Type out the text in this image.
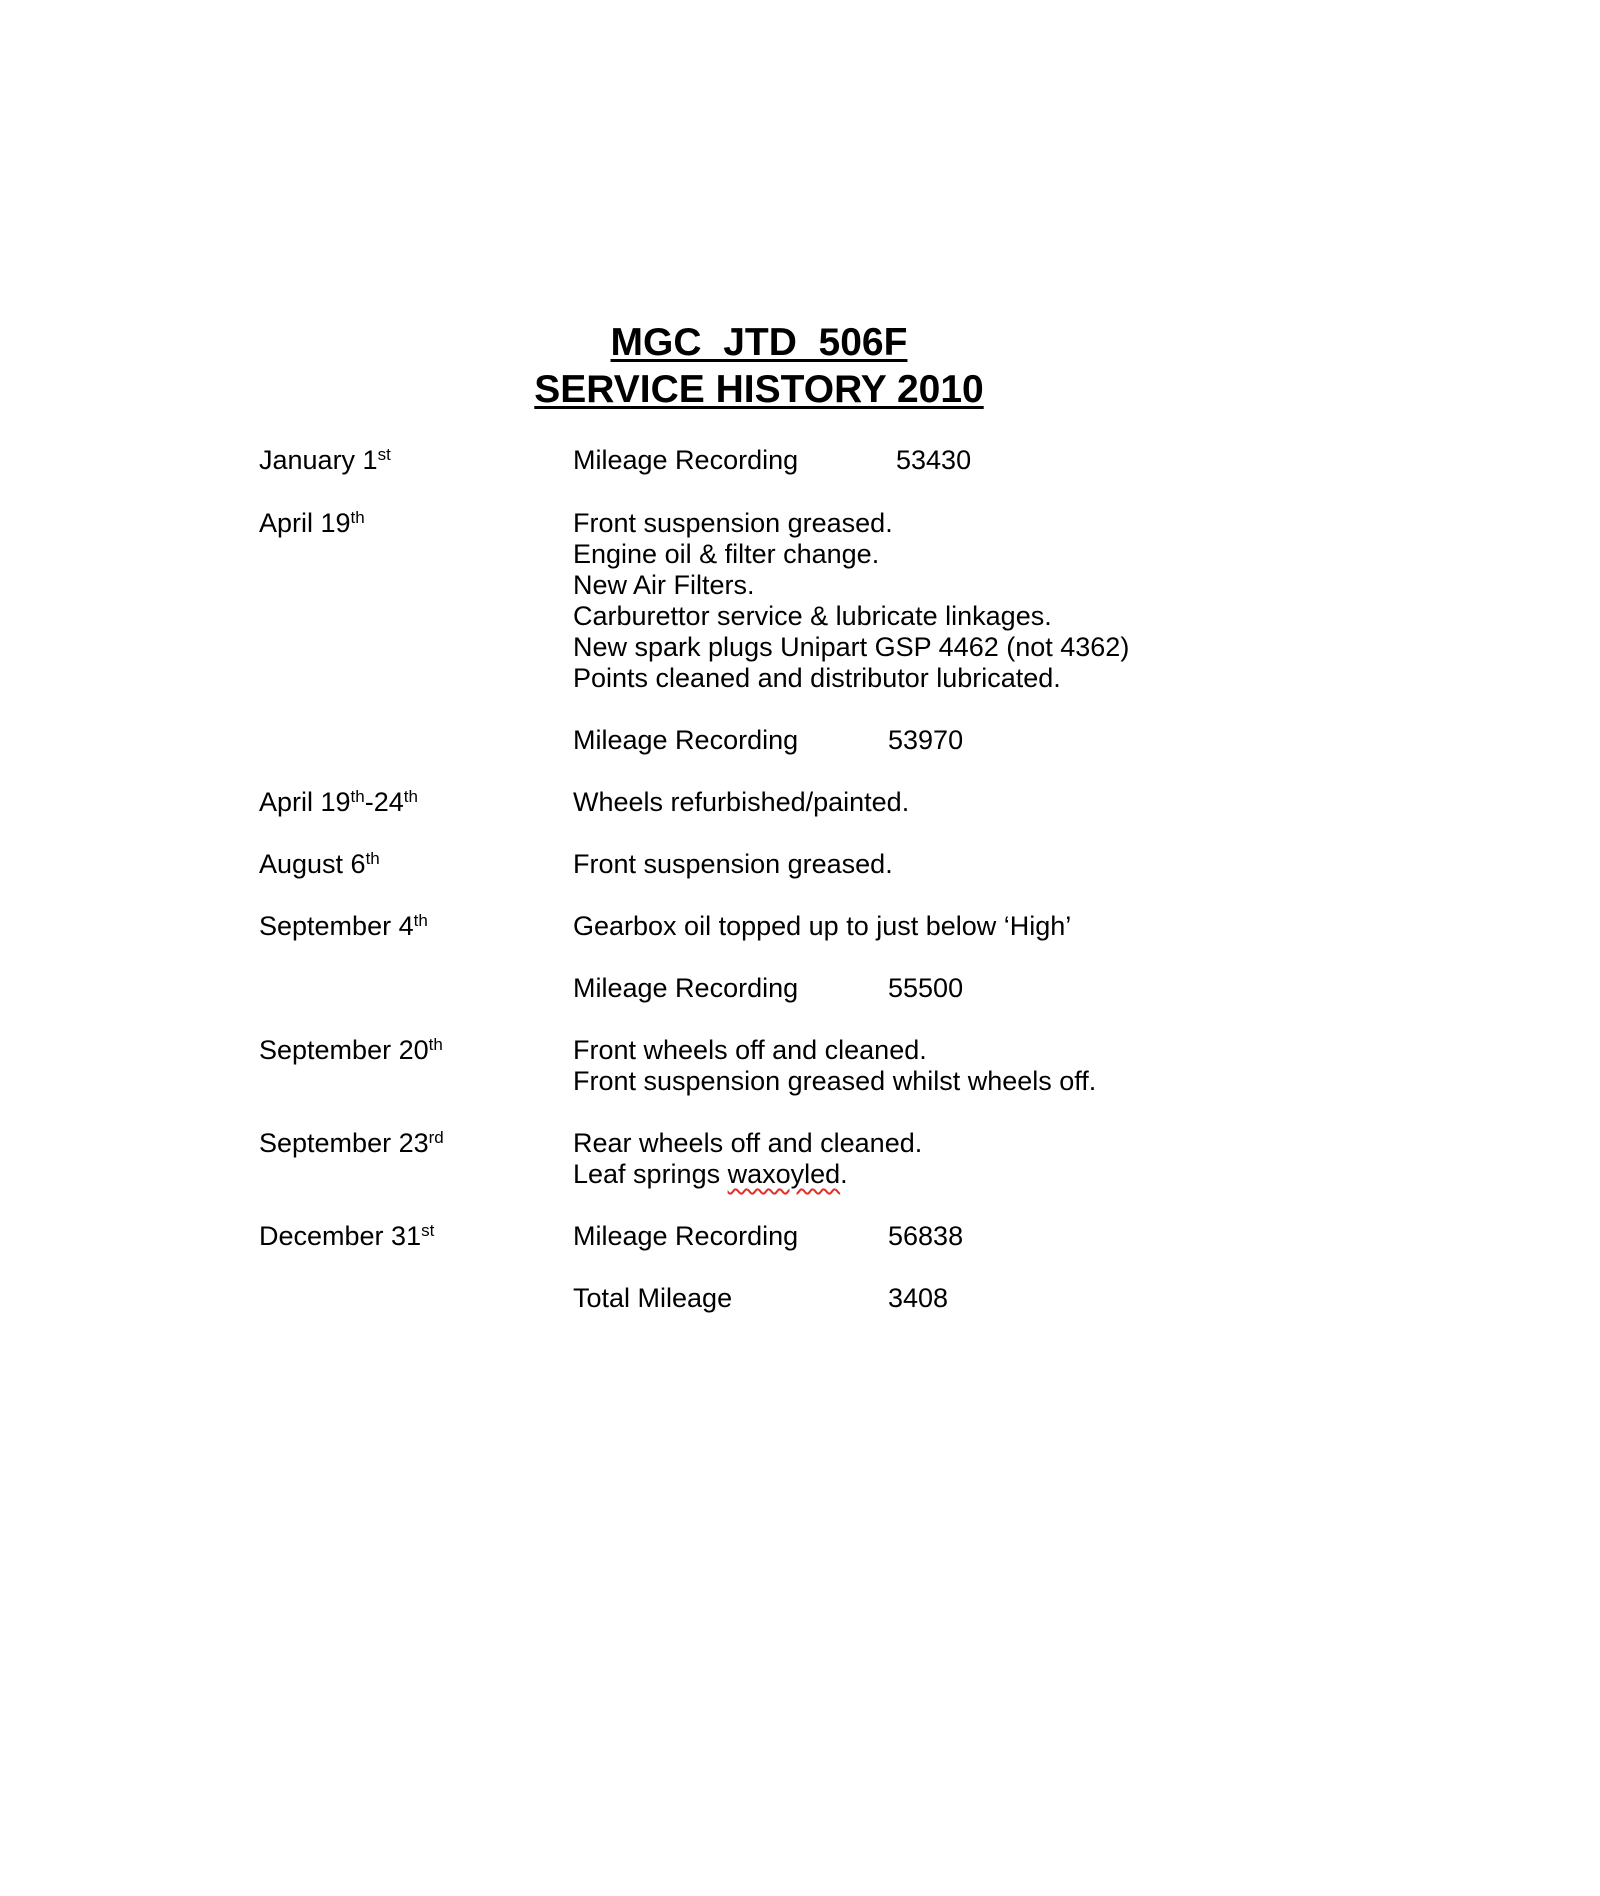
MGC  JTD  506F
SERVICE HISTORY 2010
January 1st	Mileage Recording	53430
April 19th	Front suspension greased.
Engine oil & filter change.
New Air Filters.
Carburettor service & lubricate linkages.
New spark plugs Unipart GSP 4462 (not 4362)
Points cleaned and distributor lubricated.
Mileage Recording	53970
April 19th-24th	Wheels refurbished/painted.
August 6th	Front suspension greased.
September 4th	Gearbox oil topped up to just below ‘High’
Mileage Recording	55500
September 20th	Front wheels off and cleaned.
Front suspension greased whilst wheels off.
September 23rd	Rear wheels off and cleaned.
Leaf springs waxoyled.
December 31st	Mileage Recording	56838
Total Mileage	3408
